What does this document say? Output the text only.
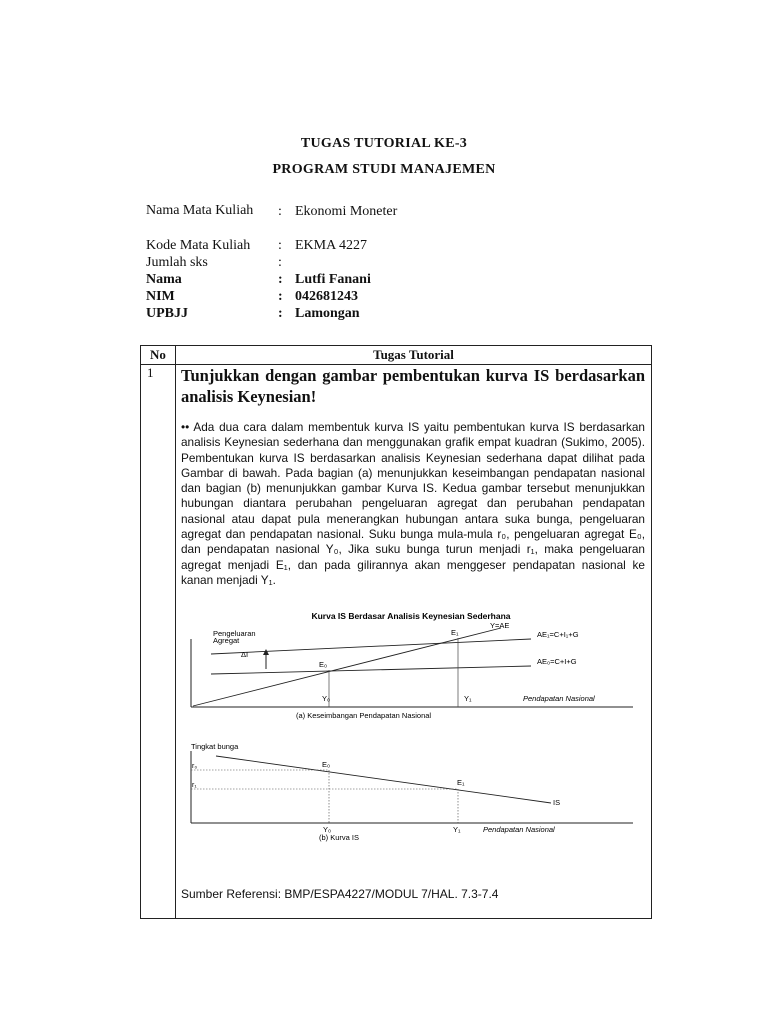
TUGAS TUTORIAL KE-3
PROGRAM STUDI MANAJEMEN
Nama Mata Kuliah : Ekonomi Moneter
Kode Mata Kuliah	: EKMA 4227
Jumlah sks	:
Nama	: Lutfi Fanani
NIM	: 042681243
UPBJJ	: Lamongan
No	Tugas Tutorial
1 Tunjukkan dengan gambar pembentukan kurva IS berdasarkan analisis Keynesian!
•• Ada dua cara dalam membentuk kurva IS yaitu pembentukan kurva IS berdasarkan analisis Keynesian sederhana dan menggunakan grafik empat kuadran (Sukimo, 2005). Pembentukan kurva IS berdasarkan analisis Keynesian sederhana dapat dilihat pada Gambar di bawah. Pada bagian (a) menunjukkan keseimbangan pendapatan nasional dan bagian (b) menunjukkan gambar Kurva IS. Kedua gambar tersebut menunjukkan hubungan diantara perubahan pengeluaran agregat dan perubahan pendapatan nasional atau dapat pula menerangkan hubungan antara suka bunga, pengeluaran agregat dan pendapatan nasional. Suku bunga mula-mula r₀, pengeluaran agregat E₀, dan pendapatan nasional Y₀, Jika suku bunga turun menjadi r₁, maka pengeluaran agregat menjadi E₁, dan pada gilirannya akan menggeser pendapatan nasional ke kanan menjadi Y₁.
Kurva IS Berdasar Analisis Keynesian Sederhana
Pengeluaran
Agregat
Y=AE
AE₁=C+I₁+G
AE₀=C+I+G
ΔI
E₀
E₁
Y₀	Y₁	Pendapatan Nasional
(a) Keseimbangan Pendapatan Nasional
Tingkat bunga
IS
r₀
r₁
E₀
E₁
Y₀	Y₁	Pendapatan Nasional
(b) Kurva IS
Sumber Referensi: BMP/ESPA4227/MODUL 7/HAL. 7.3-7.4
